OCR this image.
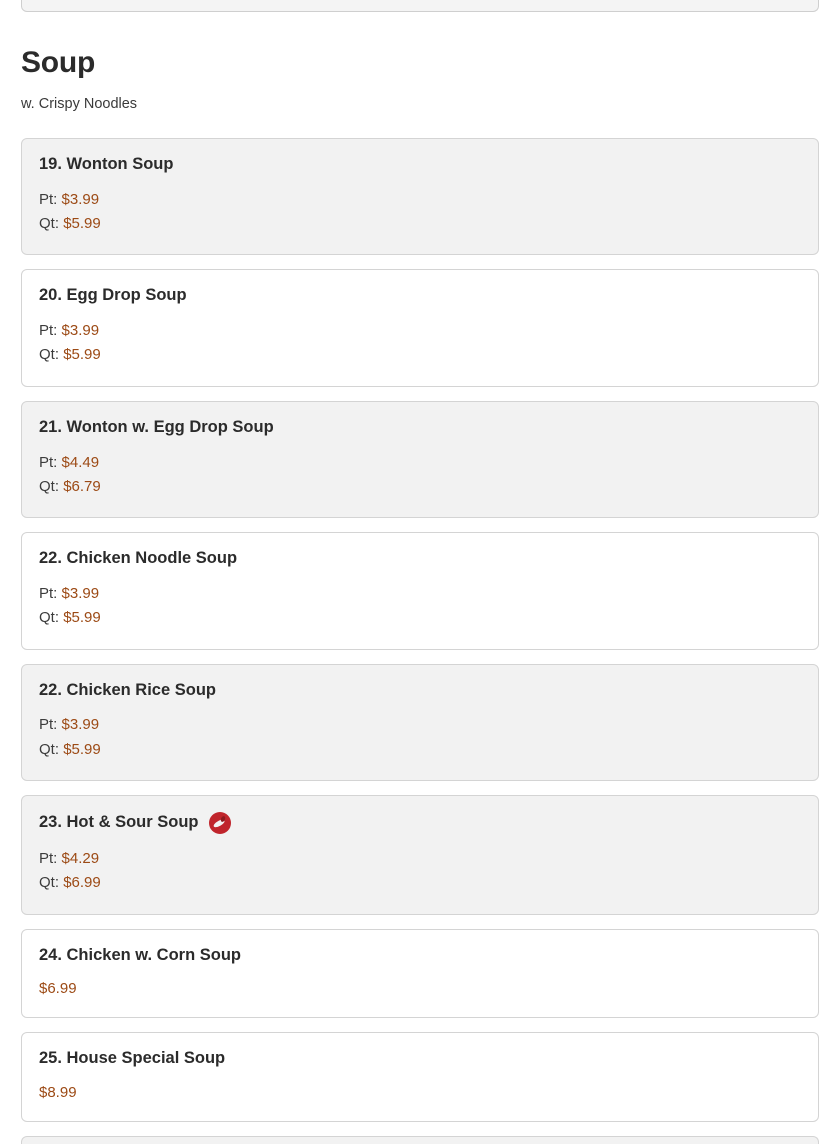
Soup
w. Crispy Noodles
19. Wonton Soup
Pt: $3.99
Qt: $5.99
20. Egg Drop Soup
Pt: $3.99
Qt: $5.99
21. Wonton w. Egg Drop Soup
Pt: $4.49
Qt: $6.79
22. Chicken Noodle Soup
Pt: $3.99
Qt: $5.99
22. Chicken Rice Soup
Pt: $3.99
Qt: $5.99
23. Hot & Sour Soup
Pt: $4.29
Qt: $6.99
24. Chicken w. Corn Soup
$6.99
25. House Special Soup
$8.99
